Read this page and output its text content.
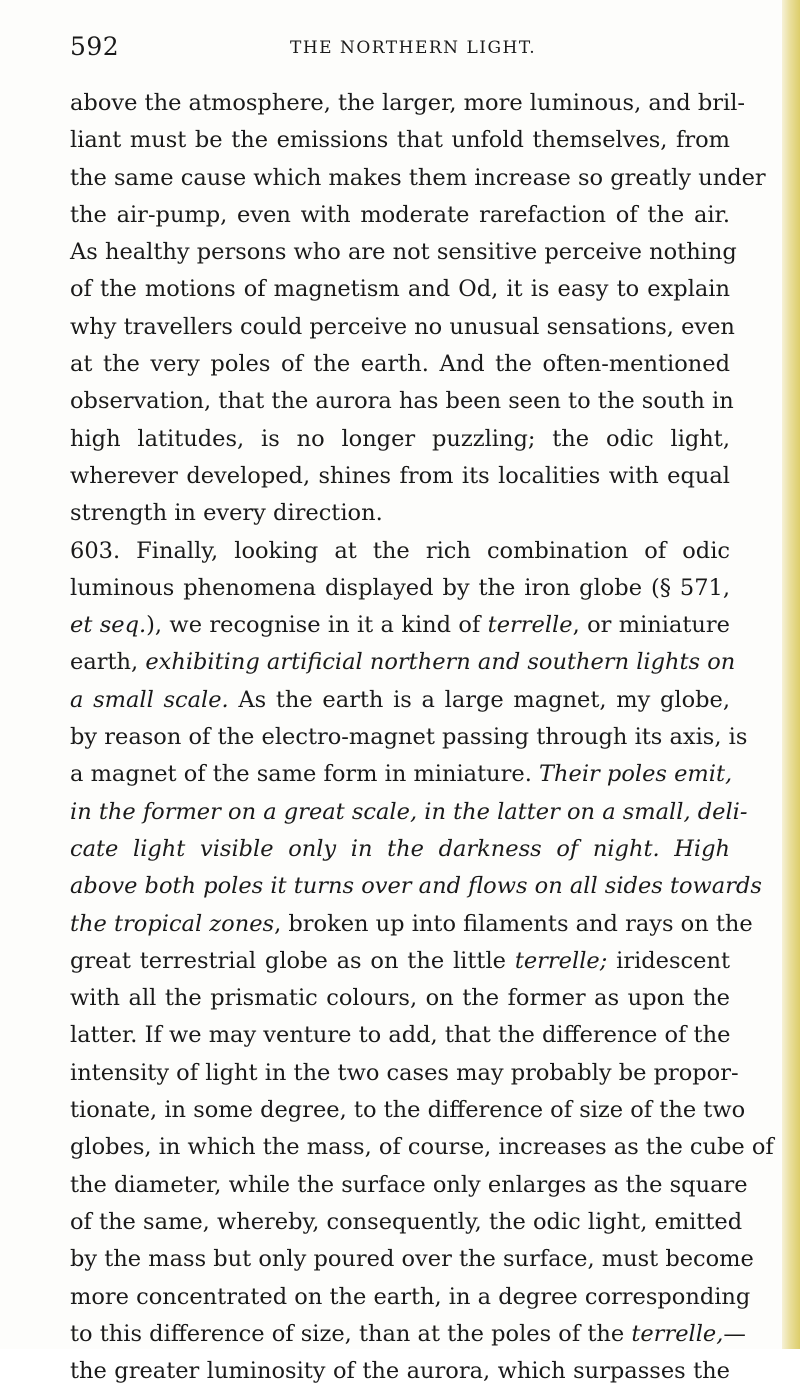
592	THE NORTHERN LIGHT.
above the atmosphere, the larger, more luminous, and bril-
liant must be the emissions that unfold themselves, from
the same cause which makes them increase so greatly under
the air-pump, even with moderate rarefaction of the air.
As healthy persons who are not sensitive perceive nothing
of the motions of magnetism and Od, it is easy to explain
why travellers could perceive no unusual sensations, even
at the very poles of the earth. And the often-mentioned
observation, that the aurora has been seen to the south in
high latitudes, is no longer puzzling; the odic light,
wherever developed, shines from its localities with equal
strength in every direction.
603. Finally, looking at the rich combination of odic
luminous phenomena displayed by the iron globe (§ 571,
et seq.), we recognise in it a kind of terrelle, or miniature
earth, exhibiting artificial northern and southern lights on
a small scale. As the earth is a large magnet, my globe,
by reason of the electro-magnet passing through its axis, is
a magnet of the same form in miniature. Their poles emit,
in the former on a great scale, in the latter on a small, deli-
cate light visible only in the darkness of night. High
above both poles it turns over and flows on all sides towards
the tropical zones, broken up into filaments and rays on the
great terrestrial globe as on the little terrelle; iridescent
with all the prismatic colours, on the former as upon the
latter. If we may venture to add, that the difference of the
intensity of light in the two cases may probably be propor-
tionate, in some degree, to the difference of size of the two
globes, in which the mass, of course, increases as the cube of
the diameter, while the surface only enlarges as the square
of the same, whereby, consequently, the odic light, emitted
by the mass but only poured over the surface, must become
more concentrated on the earth, in a degree corresponding
to this difference of size, than at the poles of the terrelle,—
the greater luminosity of the aurora, which surpasses the
